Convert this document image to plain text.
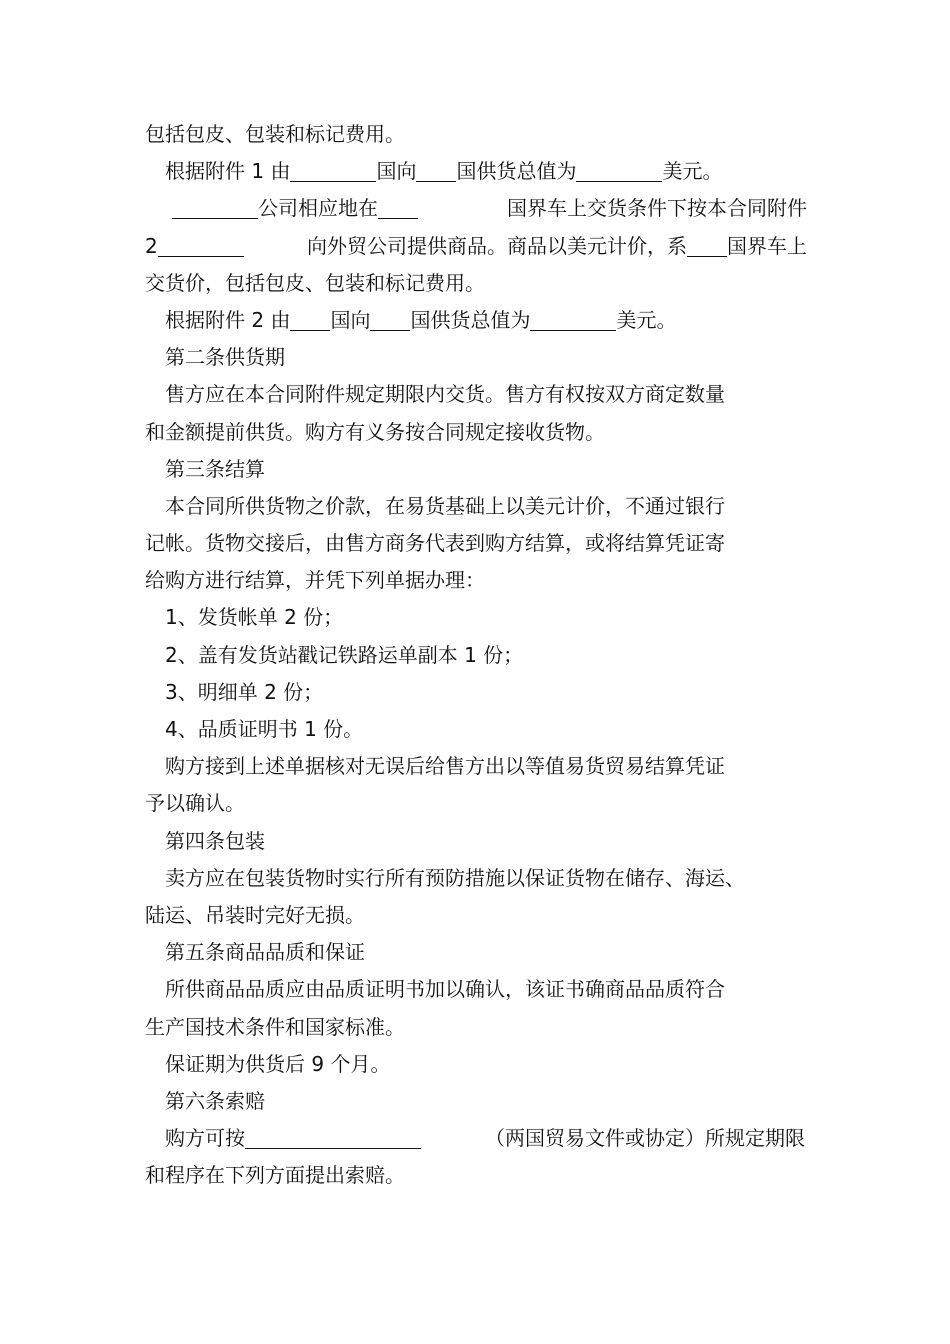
包括包皮、包装和标记费用。
根据附件 1 由	国向 国供货总值为	美元。
公司相应地在	国界车上交货条件下按本合同附件
2	向外贸公司提供商品。商品以美元计价，系 国界车上
交货价，包括包皮、包装和标记费用。
根据附件 2 由 国向 国供货总值为	美元。
第二条供货期
售方应在本合同附件规定期限内交货。售方有权按双方商定数量
和金额提前供货。购方有义务按合同规定接收货物。
第三条结算
本合同所供货物之价款，在易货基础上以美元计价，不通过银行
记帐。货物交接后，由售方商务代表到购方结算，或将结算凭证寄
给购方进行结算，并凭下列单据办理：
1、发货帐单 2 份；
2、盖有发货站戳记铁路运单副本 1 份；
3、明细单 2 份；
4、品质证明书 1 份。
购方接到上述单据核对无误后给售方出以等值易货贸易结算凭证
予以确认。
第四条包装
卖方应在包装货物时实行所有预防措施以保证货物在储存、海运、
陆运、吊装时完好无损。
第五条商品品质和保证
所供商品品质应由品质证明书加以确认，该证书确商品品质符合
生产国技术条件和国家标准。
保证期为供货后 9 个月。
第六条索赔
购方可按	（两国贸易文件或协定）所规定期限
和程序在下列方面提出索赔。
